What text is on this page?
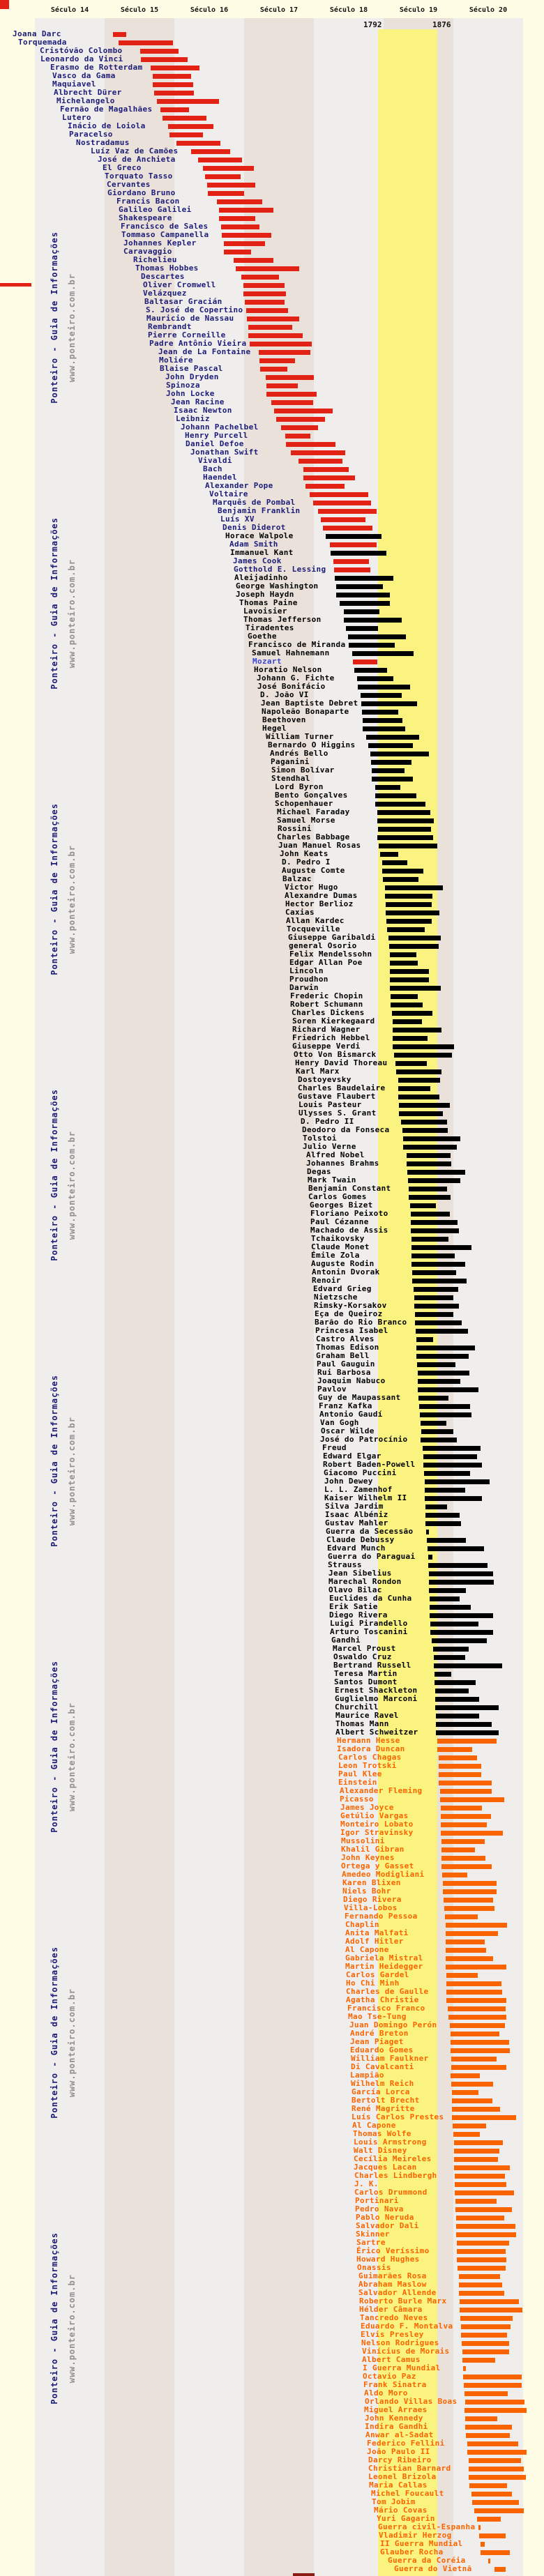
Século 14	Século 15	Século 16	Século 17	Século 18	Século 19	Século 20
1792	1876
Ponteiro - Guia de Informações www.ponteiro.com.br
Ponteiro - Guia de Informações www.ponteiro.com.br
Ponteiro - Guia de Informações www.ponteiro.com.br
Ponteiro - Guia de Informações www.ponteiro.com.br
Ponteiro - Guia de Informações www.ponteiro.com.br
Ponteiro - Guia de Informações www.ponteiro.com.br
Ponteiro - Guia de Informações www.ponteiro.com.br
Ponteiro - Guia de Informações www.ponteiro.com.br
Joana Darc
Torquemada
Cristóvão Colombo
Leonardo da Vinci
Erasmo de Rotterdam
Vasco da Gama
Maquiavel
Albrecht Dürer
Michelangelo
Fernão de Magalhães
Lutero
Inácio de Loiola
Paracelso
Nostradamus
Luíz Vaz de Camões
José de Anchieta
El Greco
Torquato Tasso
Cervantes
Giordano Bruno
Francis Bacon
Galileo Galilei
Shakespeare
Francisco de Sales
Tommaso Campanella
Johannes Kepler
Caravaggio
Richelieu
Thomas Hobbes
Descartes
Oliver Cromwell
Velázquez
Baltasar Gracián
S. José de Copertino
Mauricio de Nassau
Rembrandt
Pierre Corneille
Padre Antônio Vieira
Jean de La Fontaine
Moliére
Blaise Pascal
John Dryden
Spinoza
John Locke
Jean Racine
Isaac Newton
Leibniz
Johann Pachelbel
Henry Purcell
Daniel Defoe
Jonathan Swift
Vivaldi
Bach
Haendel
Alexander Pope
Voltaire
Marquês de Pombal
Benjamin Franklin
Luís XV
Denis Diderot
Horace Walpole
Adam Smith
Immanuel Kant
James Cook
Gotthold E. Lessing
Aleijadinho
George Washington
Joseph Haydn
Thomas Paine
Lavoisier
Thomas Jefferson
Tiradentes
Goethe
Francisco de Miranda
Samuel Hahnemann
Mozart
Horatio Nelson
Johann G. Fichte
José Bonifácio
D. João VI
Jean Baptiste Debret
Napoleão Bonaparte
Beethoven
Hegel
William Turner
Bernardo O Higgins
Andrés Bello
Paganini
Simon Bolívar
Stendhal
Lord Byron
Bento Gonçalves
Schopenhauer
Michael Faraday
Samuel Morse
Rossini
Charles Babbage
Juan Manuel Rosas
John Keats
D. Pedro I
Auguste Comte
Balzac
Victor Hugo
Alexandre Dumas
Hector Berlioz
Caxias
Allan Kardec
Tocqueville
Giuseppe Garibaldi
general Osorio
Felix Mendelssohn
Edgar Allan Poe
Lincoln
Proudhon
Darwin
Frederic Chopin
Robert Schumann
Charles Dickens
Soren Kierkegaard
Richard Wagner
Friedrich Hebbel
Giuseppe Verdi
Otto Von Bismarck
Henry David Thoreau
Karl Marx
Dostoyevsky
Charles Baudelaire
Gustave Flaubert
Louis Pasteur
Ulysses S. Grant
D. Pedro II
Deodoro da Fonseca
Tolstoi
Julio Verne
Alfred Nobel
Johannes Brahms
Degas
Mark Twain
Benjamin Constant
Carlos Gomes
Georges Bizet
Floriano Peixoto
Paul Cézanne
Machado de Assis
Tchaikovsky
Claude Monet
Émile Zola
Auguste Rodin
Antonin Dvorak
Renoir
Edvard Grieg
Nietzsche
Rimsky-Korsakov
Eça de Queiroz
Barão do Rio Branco
Princesa Isabel
Castro Alves
Thomas Edison
Graham Bell
Paul Gauguin
Rui Barbosa
Joaquim Nabuco
Pavlov
Guy de Maupassant
Franz Kafka
Antonio Gaudí
Van Gogh
Oscar Wilde
José do Patrocínio
Freud
Edward Elgar
Robert Baden-Powell
Giacomo Puccini
John Dewey
L. L. Zamenhof
Kaiser Wilhelm II
Silva Jardim
Isaac Albéniz
Gustav Mahler
Guerra da Secessão
Claude Debussy
Edvard Munch
Guerra do Paraguai
Strauss
Jean Sibelius
Marechal Rondon
Olavo Bilac
Euclides da Cunha
Erik Satie
Diego Rivera
Luigi Pirandello
Arturo Toscanini
Gandhi
Marcel Proust
Oswaldo Cruz
Bertrand Russell
Teresa Martin
Santos Dumont
Ernest Shackleton
Guglielmo Marconi
Churchill
Maurice Ravel
Thomas Mann
Albert Schweitzer
Hermann Hesse
Isadora Duncan
Carlos Chagas
Leon Trotski
Paul Klee
Einstein
Alexander Fleming
Picasso
James Joyce
Getúlio Vargas
Monteiro Lobato
Igor Stravinsky
Mussolini
Khalil Gibran
John Keynes
Ortega y Gasset
Amedeo Modigliani
Karen Blixen
Niels Bohr
Diego Rivera
Villa-Lobos
Fernando Pessoa
Chaplin
Anita Malfati
Adolf Hitler
Al Capone
Gabriela Mistral
Martin Heidegger
Carlos Gardel
Ho Chi Minh
Charles de Gaulle
Agatha Christie
Francisco Franco
Mao Tse-Tung
Juan Domingo Perón
André Breton
Jean Piaget
Eduardo Gomes
William Faulkner
Di Cavalcanti
Lampião
Wilhelm Reich
García Lorca
Bertolt Brecht
René Magritte
Luís Carlos Prestes
Al Capone
Thomas Wolfe
Louis Armstrong
Walt Disney
Cecília Meireles
Jacques Lacan
Charles Lindbergh
J. K.
Carlos Drummond
Portinari
Pedro Nava
Pablo Neruda
Salvador Dali
Skinner
Sartre
Érico Veríssimo
Howard Hughes
Onassis
Guimarães Rosa
Abraham Maslow
Salvador Allende
Roberto Burle Marx
Hélder Câmara
Tancredo Neves
Eduardo F. Montalva
Elvis Presley
Nelson Rodrigues
Vinícius de Morais
Albert Camus
I Guerra Mundial
Octavio Paz
Frank Sinatra
Aldo Moro
Orlando Villas Boas
Miguel Arraes
John Kennedy
Indira Gandhi
Anwar al-Sadat
Federico Fellini
João Paulo II
Darcy Ribeiro
Christian Barnard
Leonel Brizola
Maria Callas
Michel Foucault
Tom Jobim
Mário Covas
Yuri Gagarin
Guerra civil-Espanha
Vladimir Herzog
II Guerra Mundial
Glauber Rocha
Guerra da Coréia
Guerra do Vietnã
